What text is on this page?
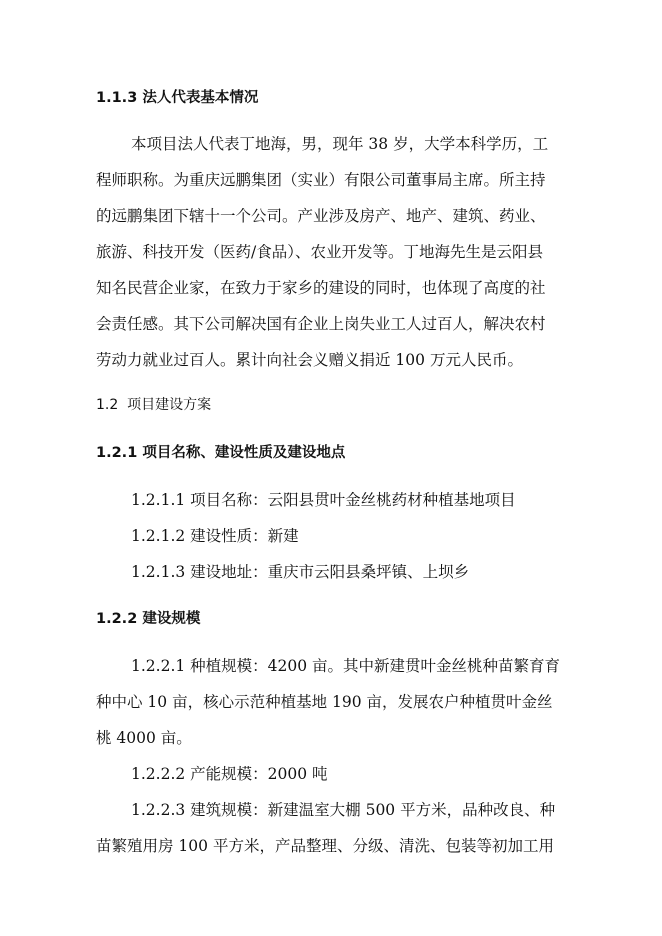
1.1.3 法人代表基本情况
本项目法人代表丁地海，男，现年 38 岁，大学本科学历，工
程师职称。为重庆远鹏集团（实业）有限公司董事局主席。所主持
的远鹏集团下辖十一个公司。产业涉及房产、地产、建筑、药业、
旅游、科技开发（医药/食品）、农业开发等。丁地海先生是云阳县
知名民营企业家，在致力于家乡的建设的同时，也体现了高度的社
会责任感。其下公司解决国有企业上岗失业工人过百人，解决农村
劳动力就业过百人。累计向社会义赠义捐近 100 万元人民币。
1.2  项目建设方案
1.2.1 项目名称、建设性质及建设地点
1.2.1.1 项目名称：云阳县贯叶金丝桃药材种植基地项目
1.2.1.2 建设性质：新建
1.2.1.3 建设地址：重庆市云阳县桑坪镇、上坝乡
1.2.2 建设规模
1.2.2.1 种植规模：4200 亩。其中新建贯叶金丝桃种苗繁育育
种中心 10 亩，核心示范种植基地 190 亩，发展农户种植贯叶金丝
桃 4000 亩。
1.2.2.2 产能规模：2000 吨
1.2.2.3 建筑规模：新建温室大棚 500 平方米，品种改良、种
苗繁殖用房 100 平方米，产品整理、分级、清洗、包装等初加工用
